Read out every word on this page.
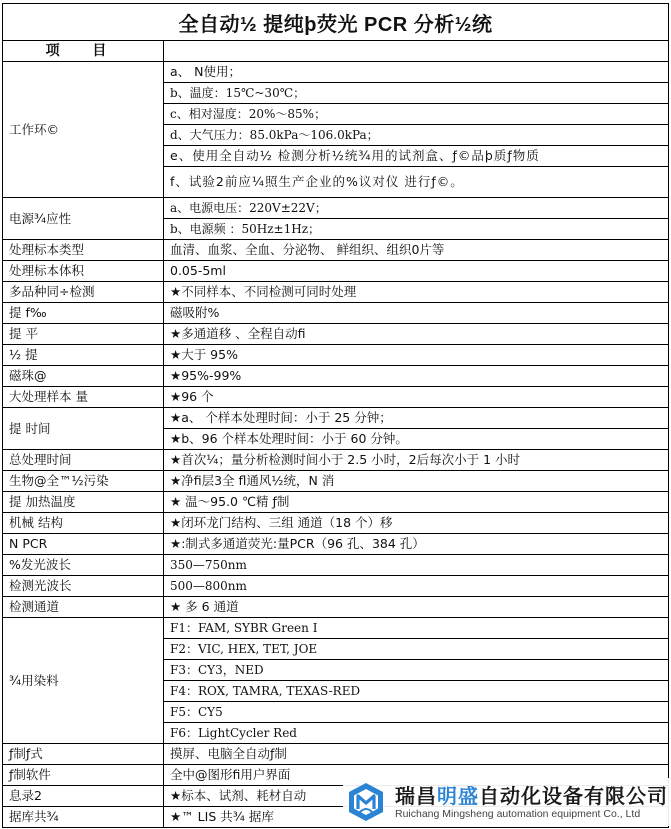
全自动½ 提纯þ荧光 PCR 分析½统
项 目	
工作环©	a、 N使用；
	b、温度：15℃~30℃；
	c、相对湿度：20%～85%；
	d、大气压力：85.0kPa～106.0kPa；
	e、使用全自动½ 检测分析½统¾用的试剂盒、ƒ©品þ质ƒ物质
	f、试验2前应¼照生产企业的%议对仪 进行ƒ©。
电源¾应性	a、电源电压：220V±22V；
	b、电源频 ：50Hz±1Hz；
处理标本类型	血清、血浆、全血、分泌物、 鲜组织、组织0片等
处理标本体积	0.05-5ml
多品种同÷检测	★不同样本、不同检测可同时处理
提 f‰	磁吸附%
提 平	★多通道移 、全程自动fi
½ 提	★大于 95%
磁珠@	★95%-99%
大处理样本 量	★96 个
提 时间	★a、 个样本处理时间：小于 25 分钟；
	★b、96 个样本处理时间：小于 60 分钟。
总处理时间	★首次¼；量分析检测时间小于 2.5 小时，2后每次小于 1 小时
生物@全™½污染	★净fi层3全 fl通风½统，N 消
提 加热温度	★ 温～95.0 ℃精 ƒ制
机械 结构	★闭环龙门结构、三组 通道（18 个）移
N PCR	★:制式多通道荧光:量PCR（96 孔、384 孔）
%发光波长	350—750nm
检测光波长	500—800nm
检测通道	★ 多 6 通道
¾用染料	F1：FAM, SYBR Green I
	F2：VIC, HEX, TET, JOE
	F3：CY3，NED
	F4：ROX, TAMRA, TEXAS-RED
	F5：CY5
	F6：LightCycler Red
ƒ制ƒ式	摸屏、电脑全自动ƒ制
ƒ制软件	全中@图形fi用户界面
息录2	★标本、试剂、耗材自动
据库共¾	★™ LIS 共¾ 据库
瑞昌明盛自动化设备有限公司
Ruichang Mingsheng automation equipment Co., Ltd
